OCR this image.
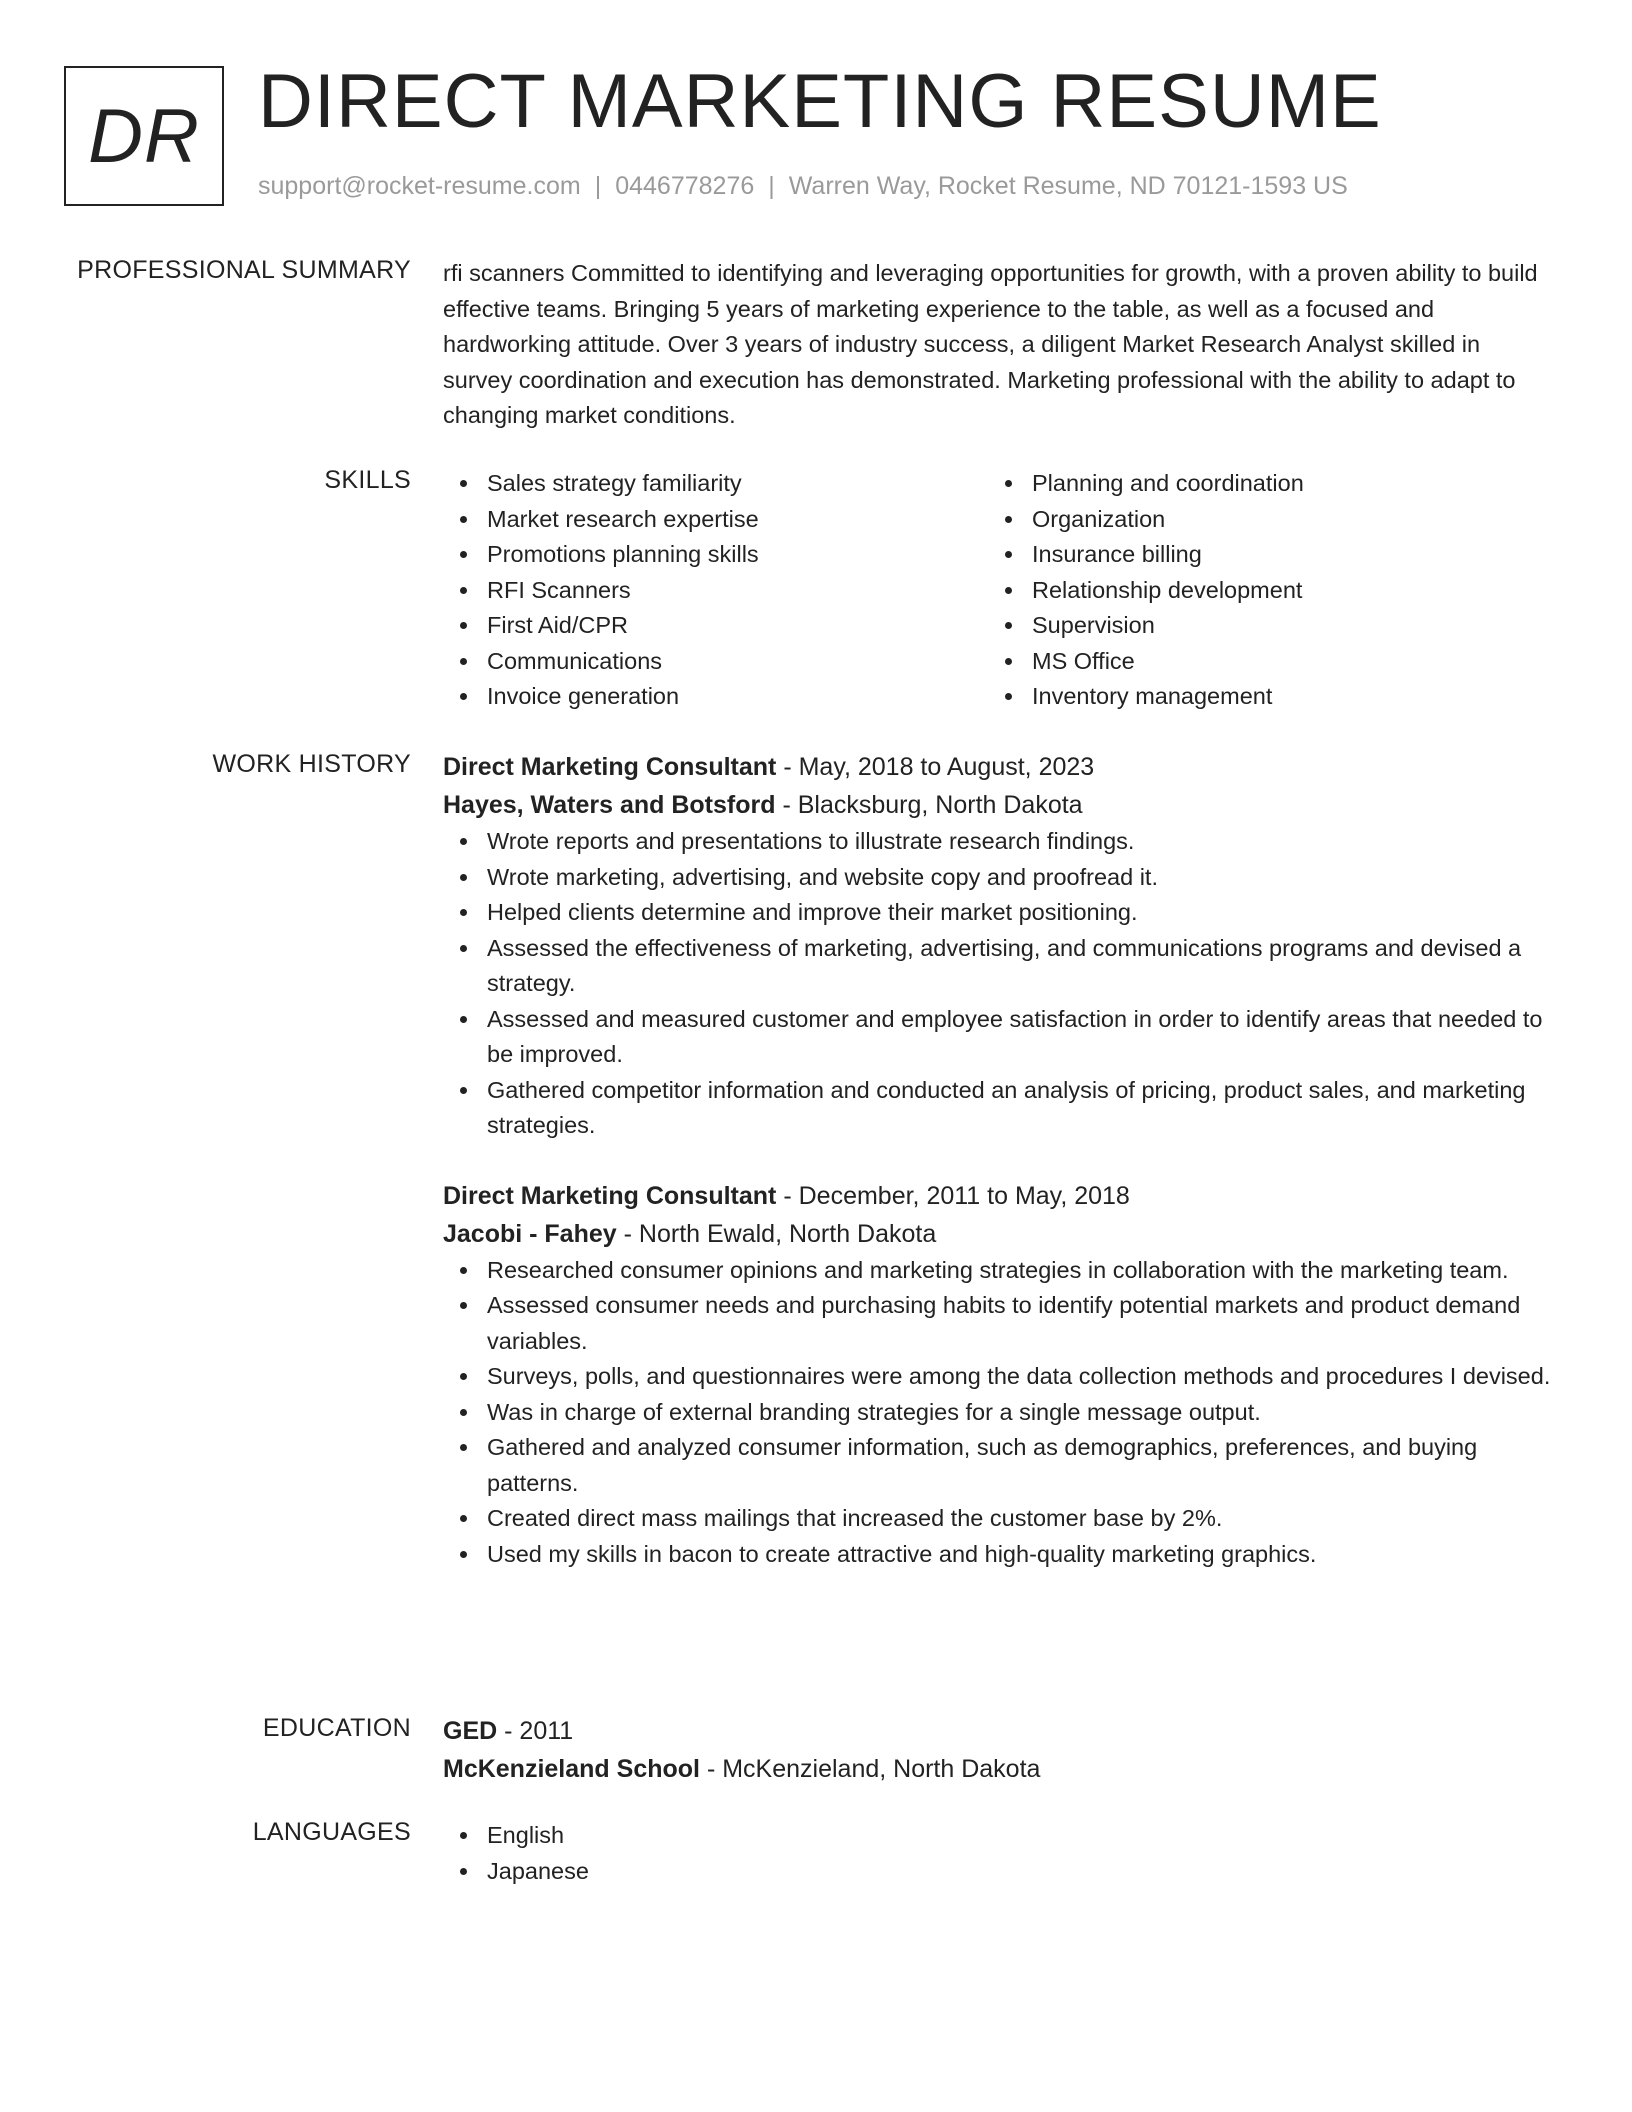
DR DIRECT MARKETING RESUME
support@rocket-resume.com | 0446778276 | Warren Way, Rocket Resume, ND 70121-1593 US
PROFESSIONAL SUMMARY rfi scanners Committed to identifying and leveraging opportunities for growth, with a proven ability to build effective teams. Bringing 5 years of marketing experience to the table, as well as a focused and hardworking attitude. Over 3 years of industry success, a diligent Market Research Analyst skilled in survey coordination and execution has demonstrated. Marketing professional with the ability to adapt to changing market conditions.

SKILLS	Sales strategy familiarity
Market research expertise
Promotions planning skills
RFI Scanners
First Aid/CPR
Communications
Invoice generation
Planning and coordination
Organization
Insurance billing
Relationship development
Supervision
MS Office
Inventory management
WORK HISTORY Direct Marketing Consultant - May, 2018 to August, 2023
Hayes, Waters and Botsford - Blacksburg, North Dakota
Wrote reports and presentations to illustrate research findings.
Wrote marketing, advertising, and website copy and proofread it.
Helped clients determine and improve their market positioning.
Assessed the effectiveness of marketing, advertising, and communications programs and devised a strategy.
Assessed and measured customer and employee satisfaction in order to identify areas that needed to be improved.
Gathered competitor information and conducted an analysis of pricing, product sales, and marketing strategies.
Direct Marketing Consultant - December, 2011 to May, 2018
Jacobi - Fahey - North Ewald, North Dakota
Researched consumer opinions and marketing strategies in collaboration with the marketing team.
Assessed consumer needs and purchasing habits to identify potential markets and product demand variables.
Surveys, polls, and questionnaires were among the data collection methods and procedures I devised.
Was in charge of external branding strategies for a single message output.
Gathered and analyzed consumer information, such as demographics, preferences, and buying patterns.
Created direct mass mailings that increased the customer base by 2%.
Used my skills in bacon to create attractive and high-quality marketing graphics.
EDUCATION GED - 2011
McKenzieland School - McKenzieland, North Dakota
LANGUAGES	English
Japanese
